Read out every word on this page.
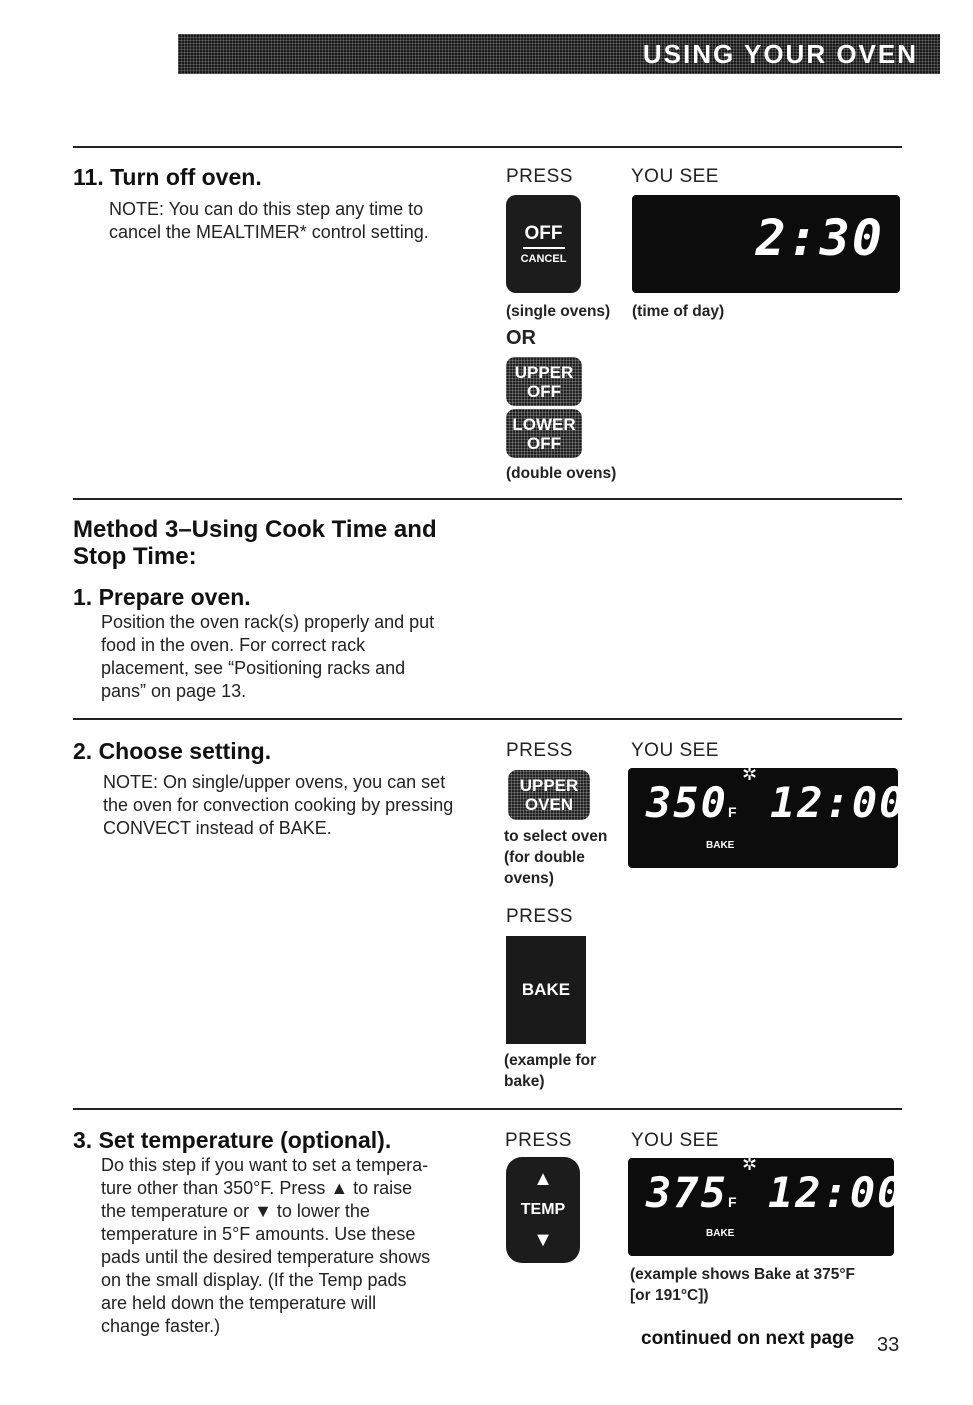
USING YOUR OVEN
11. Turn off oven.
NOTE: You can do this step any time to cancel the MEALTIMER* control setting.
PRESS	YOU SEE
OFF
CANCEL	2:30
(single ovens) (time of day)
OR
UPPER
OFF
LOWER
OFF
(double ovens)
Method 3–Using Cook Time and
Stop Time:
1. Prepare oven.
Position the oven rack(s) properly and put food in the oven. For correct rack placement, see “Positioning racks and pans” on page 13.
2. Choose setting.
NOTE: On single/upper ovens, you can set the oven for convection cooking by pressing CONVECT instead of BAKE.
PRESS	YOU SEE
UPPER
OVEN
to select oven (for double ovens)
350
✲
F 12:00
BAKE
PRESS
BAKE
(example for bake)
3. Set temperature (optional).
Do this step if you want to set a tempera-
ture other than 350°F. Press ▲ to raise
the temperature or ▼ to lower the
temperature in 5°F amounts. Use these
pads until the desired temperature shows
on the small display. (If the Temp pads
are held down the temperature will
change faster.)
PRESS	YOU SEE
▲
TEMP
▼
375
✲
F 12:00
BAKE
(example shows Bake at 375°F
[or 191°C])
continued on next page 33
